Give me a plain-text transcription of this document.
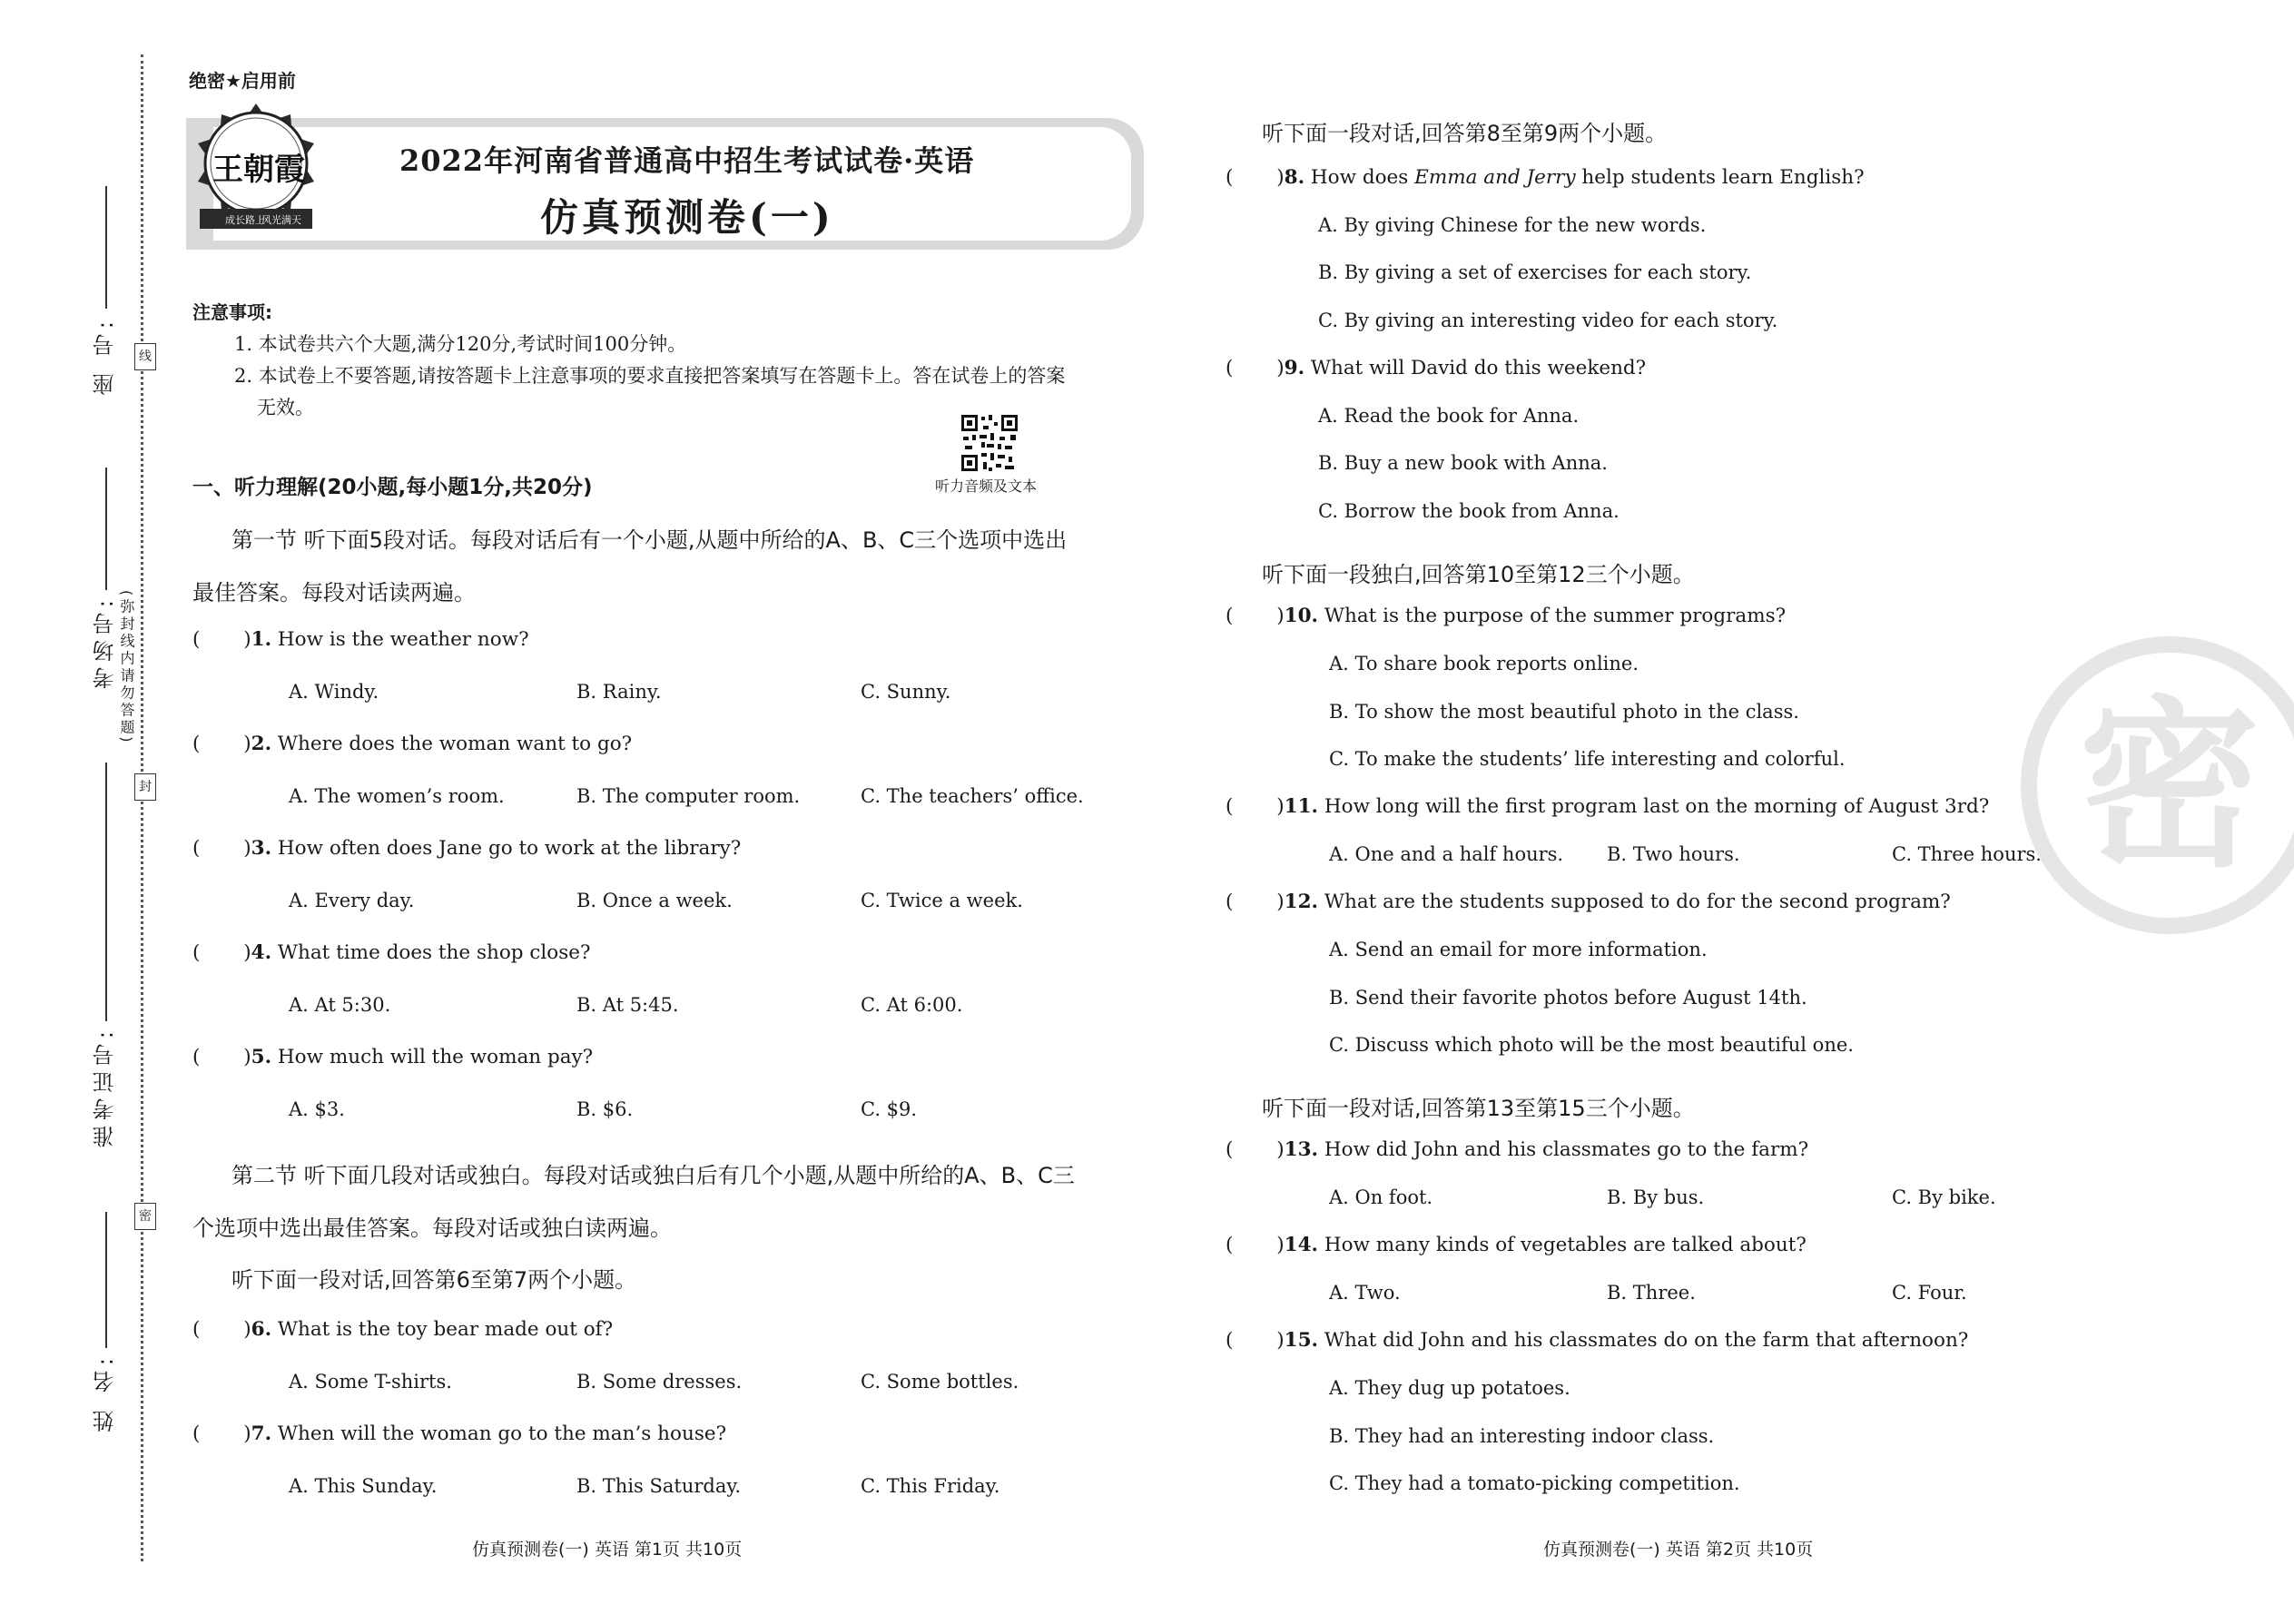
座 号:
考场号:
准考证号:
姓 名:
线
封
密
(弥封线内请勿答题)
绝密★启用前
成长路上
风光满天
王朝霞	2022年河南省普通高中招生考试试卷·英语
仿真预测卷(一)
注意事项:
1. 本试卷共六个大题,满分120分,考试时间100分钟。
2. 本试卷上不要答题,请按答题卡上注意事项的要求直接把答案填写在答题卡上。答在试卷上的答案
无效。
听力音频及文本
一、听力理解(20小题,每小题1分,共20分)
第一节 听下面5段对话。每段对话后有一个小题,从题中所给的A、B、C三个选项中选出
最佳答案。每段对话读两遍。
(       )1. How is the weather now?
A. Windy.	B. Rainy.	C. Sunny.
(       )2. Where does the woman want to go?
A. The women’s room.	B. The computer room.	C. The teachers’ office.
(       )3. How often does Jane go to work at the library?
A. Every day.	B. Once a week.	C. Twice a week.
(       )4. What time does the shop close?
A. At 5:30.	B. At 5:45.	C. At 6:00.
(       )5. How much will the woman pay?
A. $3.	B. $6.	C. $9.
第二节 听下面几段对话或独白。每段对话或独白后有几个小题,从题中所给的A、B、C三
个选项中选出最佳答案。每段对话或独白读两遍。
听下面一段对话,回答第6至第7两个小题。
(       )6. What is the toy bear made out of?
A. Some T-shirts.	B. Some dresses.	C. Some bottles.
(       )7. When will the woman go to the man’s house?
A. This Sunday.	B. This Saturday.	C. This Friday.
仿真预测卷(一) 英语 第1页 共10页
密
听下面一段对话,回答第8至第9两个小题。
(       )8. How does Emma and Jerry help students learn English?
A. By giving Chinese for the new words.
B. By giving a set of exercises for each story.
C. By giving an interesting video for each story.
(       )9. What will David do this weekend?
A. Read the book for Anna.
B. Buy a new book with Anna.
C. Borrow the book from Anna.
听下面一段独白,回答第10至第12三个小题。
(       )10. What is the purpose of the summer programs?
A. To share book reports online.
B. To show the most beautiful photo in the class.
C. To make the students’ life interesting and colorful.
(       )11. How long will the first program last on the morning of August 3rd?
A. One and a half hours. B. Two hours.	C. Three hours.
(       )12. What are the students supposed to do for the second program?
A. Send an email for more information.
B. Send their favorite photos before August 14th.
C. Discuss which photo will be the most beautiful one.
听下面一段对话,回答第13至第15三个小题。
(       )13. How did John and his classmates go to the farm?
A. On foot.	B. By bus.	C. By bike.
(       )14. How many kinds of vegetables are talked about?
A. Two.	B. Three.	C. Four.
(       )15. What did John and his classmates do on the farm that afternoon?
A. They dug up potatoes.
B. They had an interesting indoor class.
C. They had a tomato-picking competition.
仿真预测卷(一) 英语 第2页 共10页
